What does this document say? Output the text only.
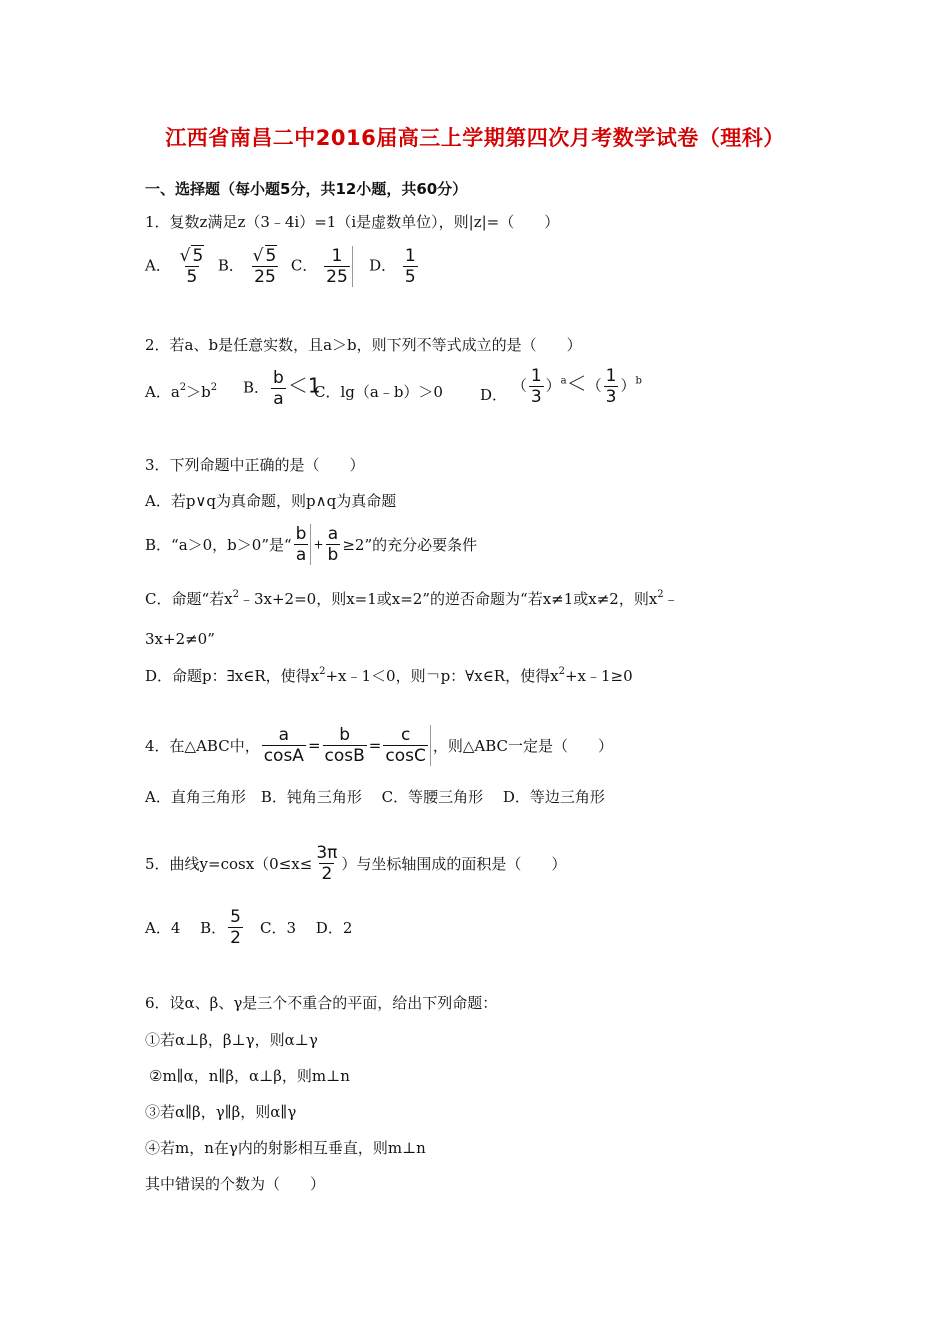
江西省南昌二中2016届高三上学期第四次月考数学试卷（理科）
一、选择题（每小题5分，共12小题，共60分）
1．复数z满足z（3﹣4i）=1（i是虚数单位），则|z|=（　　）
A． $\frac{√ 5}{5}$ B． $\frac{√ 5}{25}$ C． $\frac{1}{25}$ D． $\frac{1}{5}$
2．若a、b是任意实数，且a＞b，则下列不等式成立的是（　　）
A．$a^2>b^2$ B． $\frac{b}{a} <1$
C．lg（a﹣b）＞0 D． （ $\frac{1}{3} )^a<( \frac{1}{3} )^b$
3．下列命题中正确的是（　　）
A．若p∨q为真命题，则p∧q为真命题
B．“a＞0，b＞0”是“ $\frac{b}{a} + \frac{a}{b} \ge 2$”的充分必要条件
C．命题“若$x^2﹣3x+2=0$，则x=1或x=2”的逆否命题为“若x≠1或x≠2，则$x^2﹣$
3x+2≠0”
D．命题p：∃x∈R，使得$x^2+x﹣1<0$，则￢p：∀x∈R，使得$x^2+x﹣1\ge 0$
4．在△ABC中， $\frac{a}{\cos A} = \frac{b}{\cos B} = \frac{c}{\cos C}$ ，则△ABC一定是（　　）
A．直角三角形　B．钝角三角形　 C．等腰三角形　 D．等边三角形
5．曲线$y=\cos x(0\le x\le \frac{3\pi}{2}$ ）与坐标轴围成的面积是（　　）
A．4　 B． $\frac{5}{2}$ 　C．3　 D．2
6．设α、β、γ是三个不重合的平面，给出下列命题：
①若α⊥β，β⊥γ，则α⊥γ
②m∥α，n∥β，α⊥β，则m⊥n
③若α∥β，γ∥β，则α∥γ
④若m，n在γ内的射影相互垂直，则m⊥n
其中错误的个数为（　　）
